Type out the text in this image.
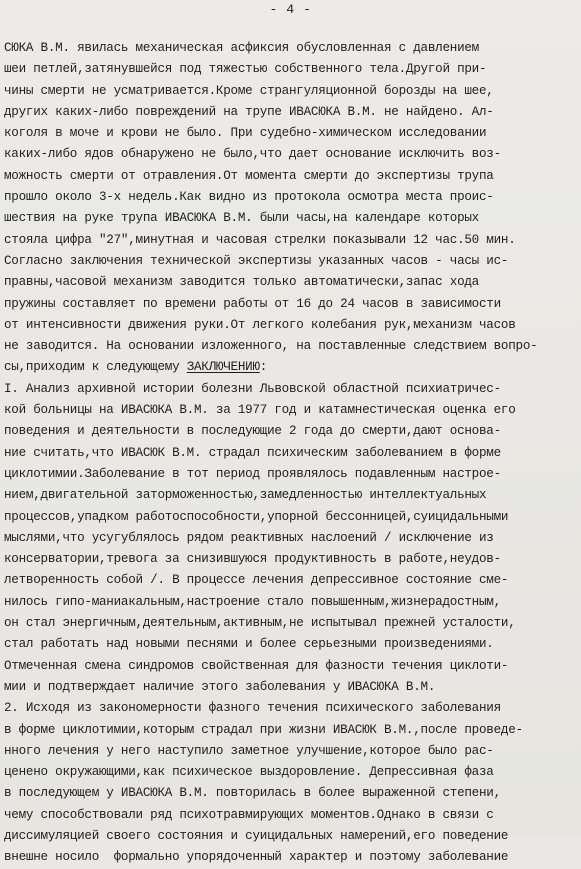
- 4 -
СЮКА В.М. явилась механическая асфиксия обусловленная с давлением
шеи петлей,затянувшейся под тяжестью собственного тела.Другой при-
чины смерти не усматривается.Кроме странгуляционной борозды на шее,
других каких-либо повреждений на трупе ИВАСЮКА В.М. не найдено. Ал-
коголя в моче и крови не было. При судебно-химическом исследовании
каких-либо ядов обнаружено не было,что дает основание исключить воз-
можность смерти от отравления.От момента смерти до экспертизы трупа
прошло около 3-х недель.Как видно из протокола осмотра места проис-
шествия на руке трупа ИВАСЮКА В.М. были часы,на календаре которых
стояла цифра "27",минутная и часовая стрелки показывали 12 час.50 мин.
Согласно заключения технической экспертизы указанных часов - часы ис-
правны,часовой механизм заводится только автоматически,запас хода
пружины составляет по времени работы от 16 до 24 часов в зависимости
от интенсивности движения руки.От легкого колебания рук,механизм часов
не заводится. На основании изложенного, на поставленные следствием вопро-
сы,приходим к следующему ЗАКЛЮЧЕНИЮ:
I. Анализ архивной истории болезни Львовской областной психиатричес-
кой больницы на ИВАСЮКА В.М. за 1977 год и катамнестическая оценка его
поведения и деятельности в последующие 2 года до смерти,дают основа-
ние считать,что ИВАСЮК В.М. страдал психическим заболеванием в форме
циклотимии.Заболевание в тот период проявлялось подавленным настрое-
нием,двигательной заторможенностью,замедленностью интеллектуальных
процессов,упадком работоспособности,упорной бессонницей,суицидальными
мыслями,что усугублялось рядом реактивных наслоений / исключение из
консерватории,тревога за снизившуюся продуктивность в работе,неудов-
летворенность собой /. В процессе лечения депрессивное состояние сме-
нилось гипо-маниакальным,настроение стало повышенным,жизнерадостным,
он стал энергичным,деятельным,активным,не испытывал прежней усталости,
стал работать над новыми песнями и более серьезными произведениями.
Отмеченная смена синдромов свойственная для фазности течения циклоти-
мии и подтверждает наличие этого заболевания у ИВАСЮКА В.М.
2. Исходя из закономерности фазного течения психического заболевания
в форме циклотимии,которым страдал при жизни ИВАСЮК В.М.,после проведе-
нного лечения у него наступило заметное улучшение,которое было рас-
ценено окружающими,как психическое выздоровление. Депрессивная фаза
в последующем у ИВАСЮКА В.М. повторилась в более выраженной степени,
чему способствовали ряд психотравмирующих моментов.Однако в связи с
диссимуляцией своего состояния и суицидальных намерений,его поведение
внешне носило  формально упорядоченный характер и поэтому заболевание
